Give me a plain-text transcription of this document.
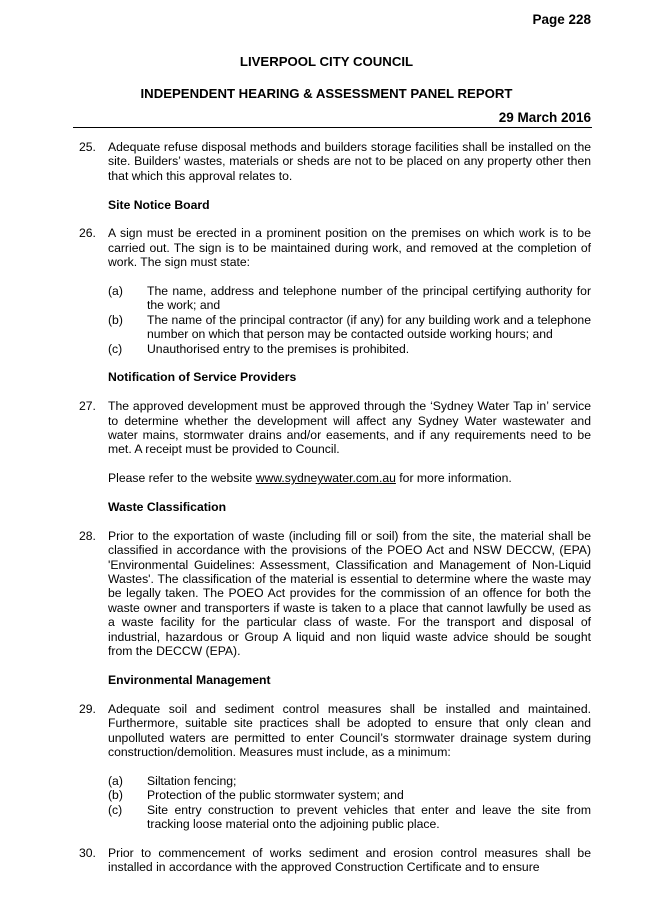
Page 228
LIVERPOOL CITY COUNCIL
INDEPENDENT HEARING & ASSESSMENT PANEL REPORT
29 March 2016
25. Adequate refuse disposal methods and builders storage facilities shall be installed on the site. Builders’ wastes, materials or sheds are not to be placed on any property other then that which this approval relates to.

Site Notice Board
26. A sign must be erected in a prominent position on the premises on which work is to be carried out. The sign is to be maintained during work, and removed at the completion of work. The sign must state:

(a) The name, address and telephone number of the principal certifying authority for the work; and

(b) The name of the principal contractor (if any) for any building work and a telephone number on which that person may be contacted outside working hours; and

(c) Unauthorised entry to the premises is prohibited.

Notification of Service Providers
27. The approved development must be approved through the ‘Sydney Water Tap in’ service to determine whether the development will affect any Sydney Water wastewater and water mains, stormwater drains and/or easements, and if any requirements need to be met. A receipt must be provided to Council.

Please refer to the website www.sydneywater.com.au for more information.

Waste Classification
28. Prior to the exportation of waste (including fill or soil) from the site, the material shall be classified in accordance with the provisions of the POEO Act and NSW DECCW, (EPA) 'Environmental Guidelines: Assessment, Classification and Management of Non-Liquid Wastes'. The classification of the material is essential to determine where the waste may be legally taken. The POEO Act provides for the commission of an offence for both the waste owner and transporters if waste is taken to a place that cannot lawfully be used as a waste facility for the particular class of waste. For the transport and disposal of industrial, hazardous or Group A liquid and non liquid waste advice should be sought from the DECCW (EPA).

Environmental Management
29. Adequate soil and sediment control measures shall be installed and maintained. Furthermore, suitable site practices shall be adopted to ensure that only clean and unpolluted waters are permitted to enter Council’s stormwater drainage system during construction/demolition. Measures must include, as a minimum:

(a) Siltation fencing;

(b) Protection of the public stormwater system; and

(c) Site entry construction to prevent vehicles that enter and leave the site from tracking loose material onto the adjoining public place.

30. Prior to commencement of works sediment and erosion control measures shall be installed in accordance with the approved Construction Certificate and to ensure
